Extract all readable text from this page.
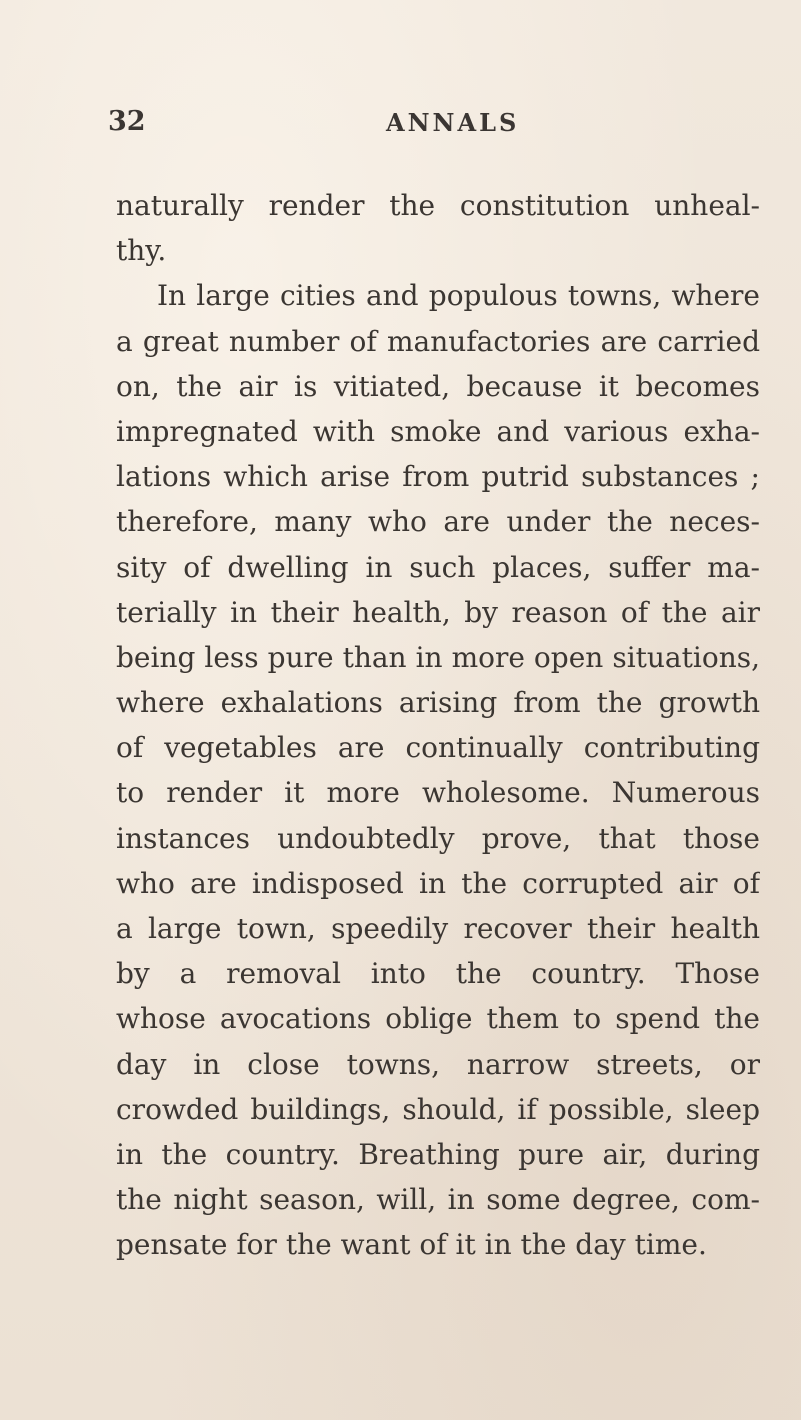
32	ANNALS
naturally render the constitution unheal-
thy.
In large cities and populous towns, where
a great number of manufactories are carried
on, the air is vitiated, because it becomes
impregnated with smoke and various exha-
lations which arise from putrid substances ;
therefore, many who are under the neces-
sity of dwelling in such places, suffer ma-
terially in their health, by reason of the air
being less pure than in more open situations,
where exhalations arising from the growth
of vegetables are continually contributing
to render it more wholesome. Numerous
instances undoubtedly prove, that those
who are indisposed in the corrupted air of
a large town, speedily recover their health
by a removal into the country. Those
whose avocations oblige them to spend the
day in close towns, narrow streets, or
crowded buildings, should, if possible, sleep
in the country. Breathing pure air, during
the night season, will, in some degree, com-
pensate for the want of it in the day time.
